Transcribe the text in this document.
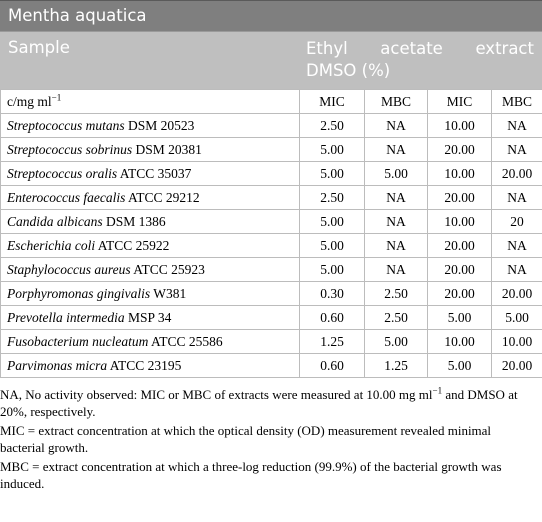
Mentha aquatica
Sample	Ethyl acetate extract
DMSO (%)
c/mg $ml^{-1}$	MIC	MBC	MIC	MBC
Streptococcus mutans DSM 20523	2.50	NA	10.00	NA
Streptococcus sobrinus DSM 20381	5.00	NA	20.00	NA
Streptococcus oralis ATCC 35037	5.00	5.00	10.00	20.00
Enterococcus faecalis ATCC 29212	2.50	NA	20.00	NA
Candida albicans DSM 1386	5.00	NA	10.00	20
Escherichia coli ATCC 25922	5.00	NA	20.00	NA
Staphylococcus aureus ATCC 25923	5.00	NA	20.00	NA
Porphyromonas gingivalis W381	0.30	2.50	20.00	20.00
Prevotella intermedia MSP 34	0.60	2.50	5.00	5.00
Fusobacterium nucleatum ATCC 25586	1.25	5.00	10.00	10.00
Parvimonas micra ATCC 23195	0.60	1.25	5.00	20.00

NA, No activity observed: MIC or MBC of extracts were measured at 10.00 mg $ml^{-1}$ and DMSO at 20%, respectively.

MIC = extract concentration at which the optical density (OD) measurement revealed minimal bacterial growth.

MBC = extract concentration at which a three-log reduction (99.9%) of the bacterial growth was induced.
